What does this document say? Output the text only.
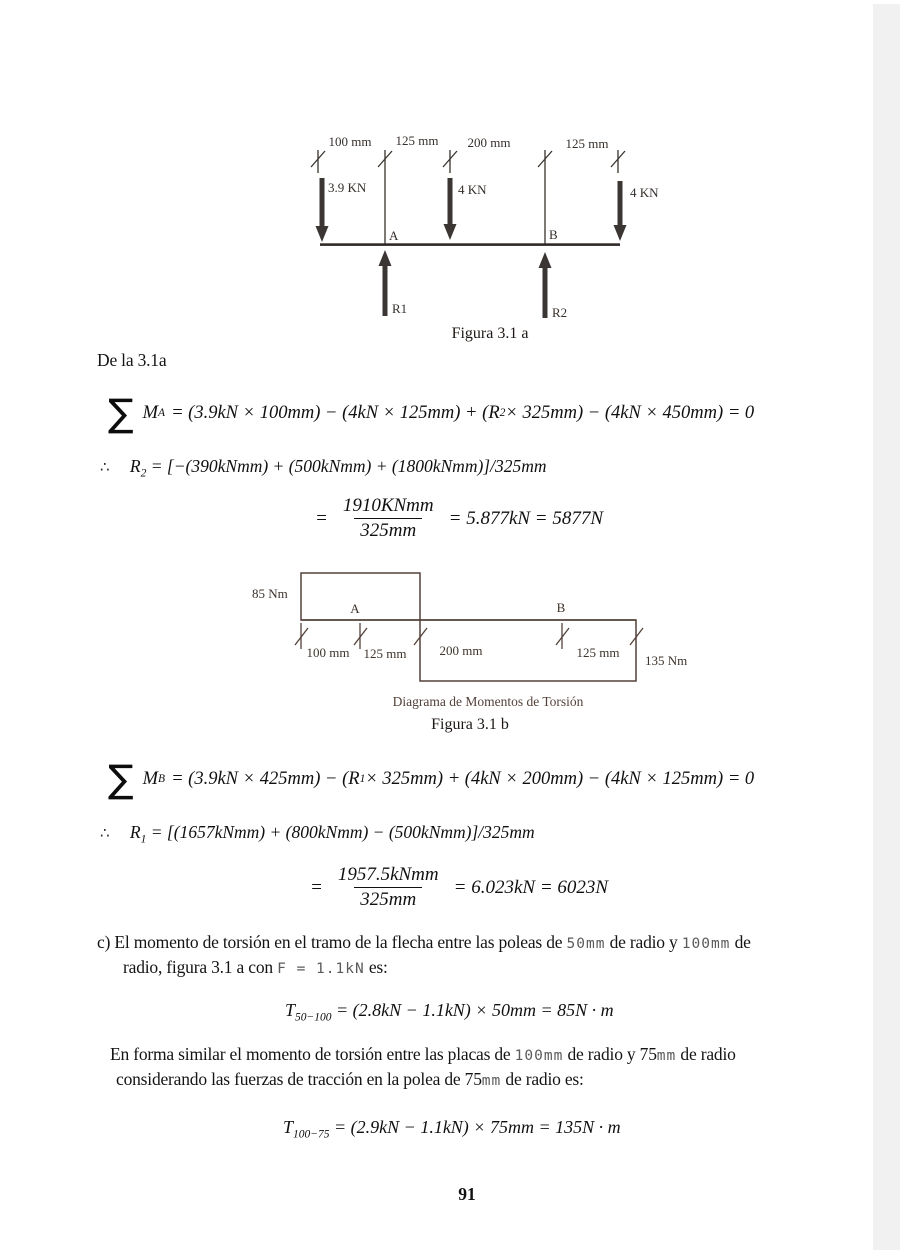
100 mm 125 mm 200 mm	125 mm
3.9 KN	4 KN	4 KN
A	B
R1	R2
Figura 3.1 a
De la 3.1a
∑ M A = (3.9kN × 100mm) − (4kN × 125mm) + (R 2 × 325mm) − (4kN × 450mm) = 0
∴ $R_2$ = [−(390kNmm) + (500kNmm) + (1800kNmm)]/325mm
= $\frac{\text{1910KNmm}}{325mm} = 5.877kN = 5877N$
85 Nm
A	B
100 mm 125 mm	200 mm	125 mm
135 Nm
Diagrama de Momentos de Torsión
Figura 3.1 b
∑ M B = (3.9kN × 425mm) − (R 1 × 325mm) + (4kN × 200mm) − (4kN × 125mm) = 0
∴ $R_1$ = [(1657kNmm) + (800kNmm) − (500kNmm)]/325mm
= $\frac{\text{1957.5kNmm}}{325mm} = 6.023kN = 6023N$
c) El momento de torsión en el tramo de la flecha entre las poleas de 50mm de radio y 100mm de
radio, figura 3.1 a con F = 1.1kN es:
$T_{50-100} = (2.8kN - 1.1kN) \times 50mm = 85N \cdot m$
En forma similar el momento de torsión entre las placas de 100mm de radio y 75mm de radio
considerando las fuerzas de tracción en la polea de 75mm de radio es:
$T_{100-75} = (2.9kN - 1.1kN) \times 75mm = 135N \cdot m$
91
